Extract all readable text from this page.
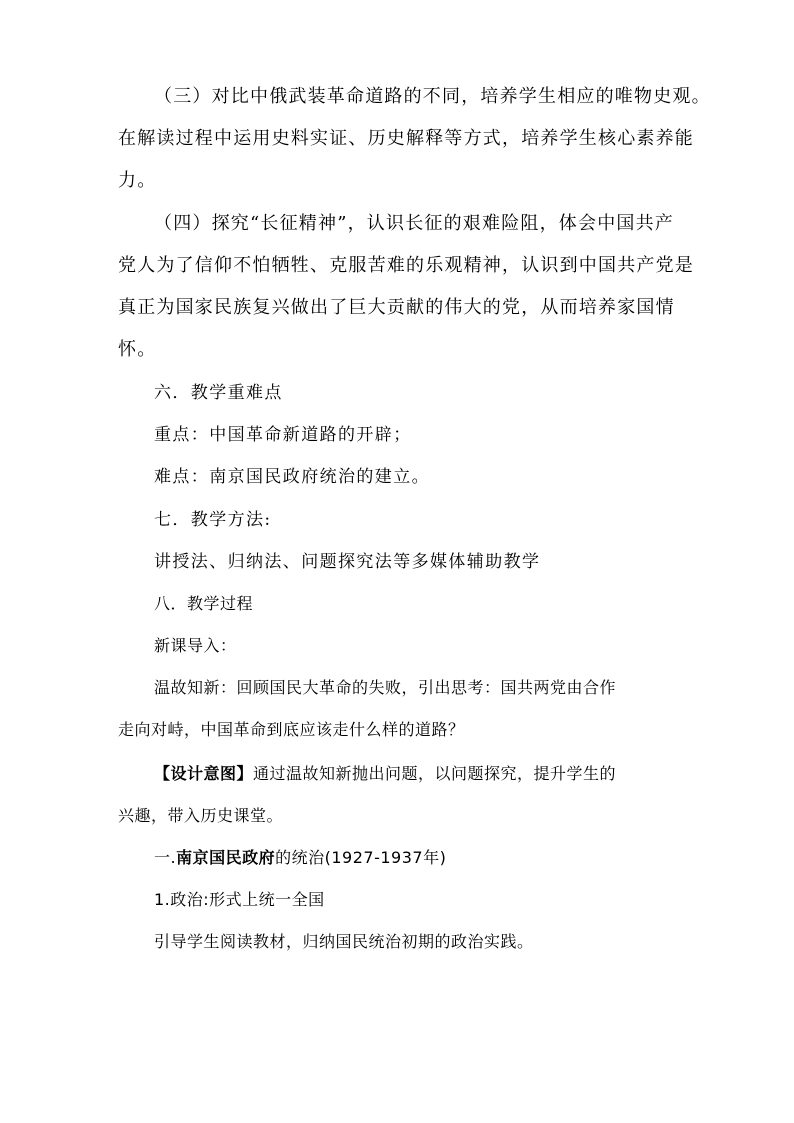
（三）对比中俄武装革命道路的不同，培养学生相应的唯物史观。

在解读过程中运用史料实证、历史解释等方式，培养学生核心素养能

力。

（四）探究“长征精神”，认识长征的艰难险阻，体会中国共产

党人为了信仰不怕牺牲、克服苦难的乐观精神，认识到中国共产党是

真正为国家民族复兴做出了巨大贡献的伟大的党，从而培养家国情

怀。

六．教学重难点

重点：中国革命新道路的开辟；

难点：南京国民政府统治的建立。

七．教学方法:

讲授法、归纳法、问题探究法等多媒体辅助教学

八．教学过程

新课导入：

温故知新：回顾国民大革命的失败，引出思考：国共两党由合作

走向对峙，中国革命到底应该走什么样的道路？

【设计意图】通过温故知新抛出问题，以问题探究，提升学生的

兴趣，带入历史课堂。

一.南京国民政府的统治(1927-1937年)

1.政治:形式上统一全国

引导学生阅读教材，归纳国民统治初期的政治实践。
